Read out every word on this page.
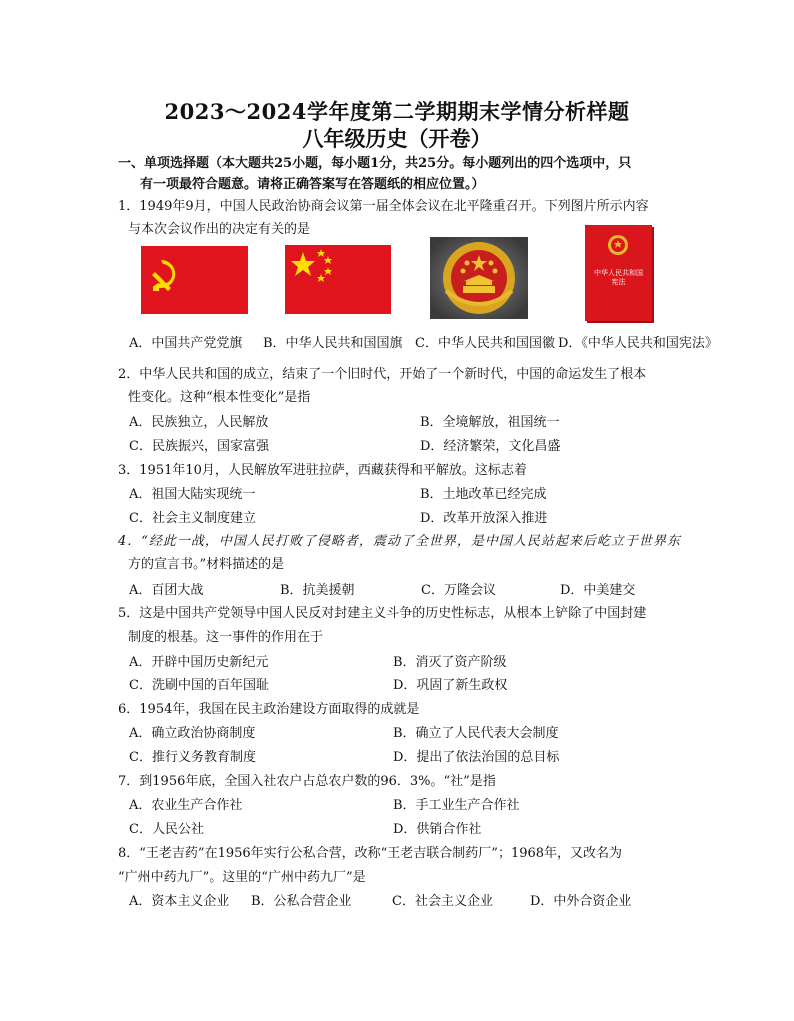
2023～2024学年度第二学期期末学情分析样题
八年级历史（开卷）
一、单项选择题（本大题共25小题，每小题1分，共25分。每小题列出的四个选项中，只
有一项最符合题意。请将正确答案写在答题纸的相应位置。）
1．1949年9月，中国人民政治协商会议第一届全体会议在北平隆重召开。下列图片所示内容
与本次会议作出的决定有关的是
中华人民共和国宪法
A．中国共产党党旗 B．中华人民共和国国旗 C．中华人民共和国国徽 D．《中华人民共和国宪法》
2．中华人民共和国的成立，结束了一个旧时代，开始了一个新时代，中国的命运发生了根本
性变化。这种“根本性变化”是指
A．民族独立，人民解放	B．全境解放，祖国统一
C．民族振兴，国家富强	D．经济繁荣，文化昌盛
3．1951年10月，人民解放军进驻拉萨，西藏获得和平解放。这标志着
A．祖国大陆实现统一	B．土地改革已经完成
C．社会主义制度建立	D．改革开放深入推进
4．“经此一战，中国人民打败了侵略者，震动了全世界，是中国人民站起来后屹立于世界东
方的宣言书。”材料描述的是
A．百团大战	B．抗美援朝	C．万隆会议	D．中美建交
5．这是中国共产党领导中国人民反对封建主义斗争的历史性标志，从根本上铲除了中国封建
制度的根基。这一事件的作用在于
A．开辟中国历史新纪元	B．消灭了资产阶级
C．洗刷中国的百年国耻	D．巩固了新生政权
6．1954年，我国在民主政治建设方面取得的成就是
A．确立政治协商制度	B．确立了人民代表大会制度
C．推行义务教育制度	D．提出了依法治国的总目标
7．到1956年底，全国入社农户占总农户数的96．3%。“社”是指
A．农业生产合作社	B．手工业生产合作社
C．人民公社	D．供销合作社
8．“王老吉药”在1956年实行公私合营，改称“王老吉联合制药厂”；1968年，又改名为
“广州中药九厂”。这里的“广州中药九厂”是
A．资本主义企业 B．公私合营企业	C．社会主义企业	D．中外合资企业
